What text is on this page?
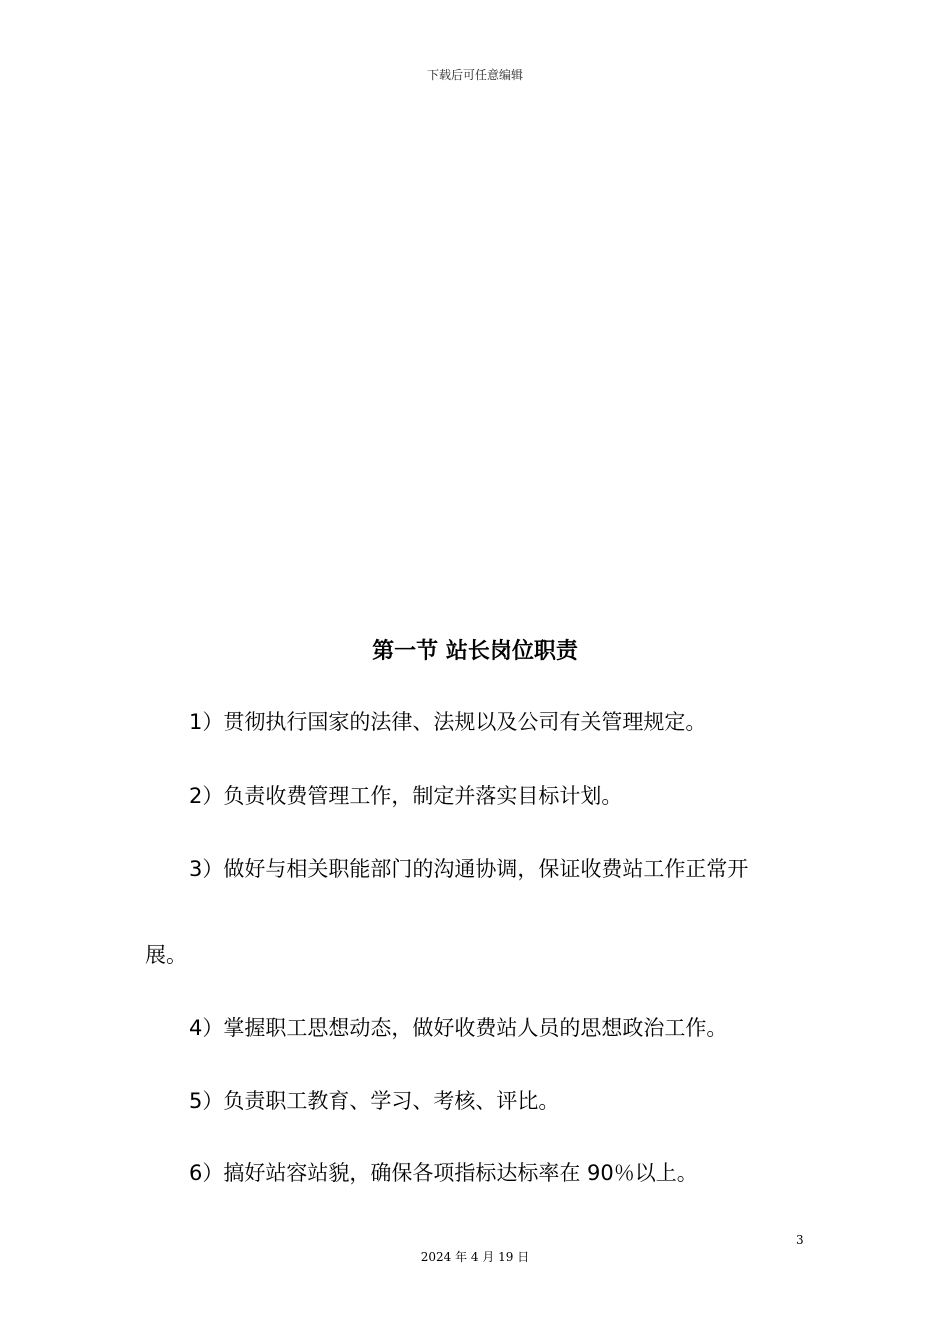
下载后可任意编辑
第一节 站长岗位职责

1）贯彻执行国家的法律、法规以及公司有关管理规定。

2）负责收费管理工作，制定并落实目标计划。

3）做好与相关职能部门的沟通协调，保证收费站工作正常开
展。

4）掌握职工思想动态，做好收费站人员的思想政治工作。

5）负责职工教育、学习、考核、评比。

6）搞好站容站貌，确保各项指标达标率在 90％以上。

3
2024 年 4 月 19 日
